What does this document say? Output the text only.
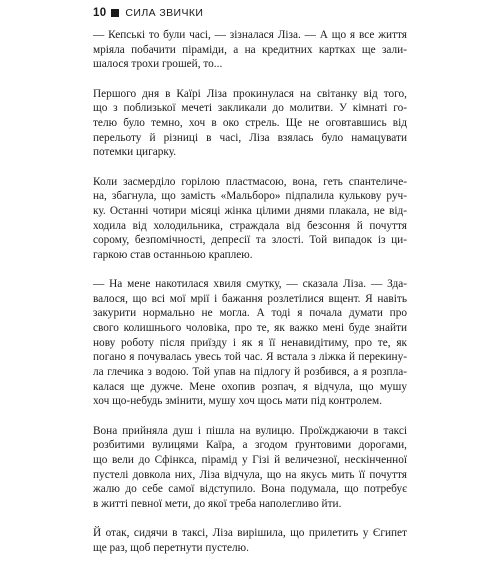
10 СИЛА ЗВИЧКИ
— Кепські то були часі, — зізналася Ліза. — А що я все життя
мріяла побачити піраміди, а на кредитних картках ще зали-
шалося трохи грошей, то...
Першого дня в Каїрі Ліза прокинулася на світанку від того,
що з поблизької мечеті закликали до молитви. У кімнаті го-
телю було темно, хоч в око стрель. Ще не оговтавшись від
перельоту й різниці в часі, Ліза взялась було намацувати
потемки цигарку.
Коли засмерділо горілою пластмасою, вона, геть спантеличе-
на, збагнула, що замість «Мальборо» підпалила кулькову руч-
ку. Останні чотири місяці жінка цілими днями плакала, не від-
ходила від холодильника, страждала від безсоння й почуття
сорому, безпомічності, депресії та злості. Той випадок із ци-
гаркою став останньою краплею.
— На мене накотилася хвиля смутку, — сказала Ліза. — Зда-
валося, що всі мої мрії і бажання розлетілися вщент. Я навіть
закурити нормально не могла. А тоді я почала думати про
свого колишнього чоловіка, про те, як важко мені буде знайти
нову роботу після приїзду і як я її ненавидітиму, про те, як
погано я почувалась увесь той час. Я встала з ліжка й перекину-
ла глечика з водою. Той упав на підлогу й розбився, а я розпла-
калася ще дужче. Мене охопив розпач, я відчула, що мушу
хоч що-небудь змінити, мушу хоч щось мати під контролем.
Вона прийняла душ і пішла на вулицю. Проїжджаючи в таксі
розбитими вулицями Каїра, а згодом ґрунтовими дорогами,
що вели до Сфінкса, пірамід у Гізі й величезної, нескінченної
пустелі довкола них, Ліза відчула, що на якусь мить її почуття
жалю до себе самої відступило. Вона подумала, що потребує
в житті певної мети, до якої треба наполегливо йти.
Й отак, сидячи в таксі, Ліза вирішила, що прилетить у Єгипет
ще раз, щоб перетнути пустелю.
